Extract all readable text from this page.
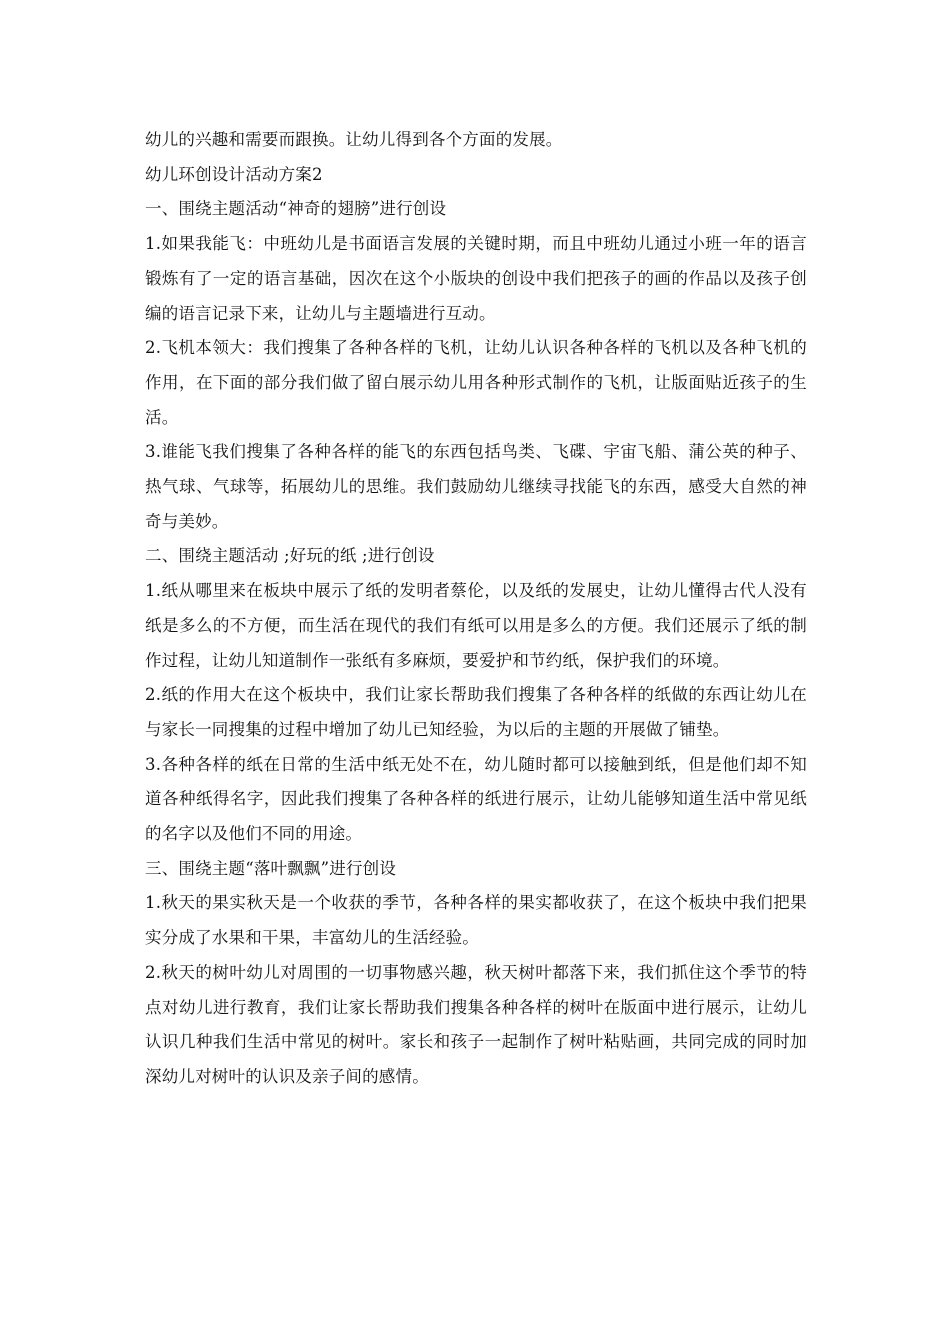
幼儿的兴趣和需要而跟换。让幼儿得到各个方面的发展。

幼儿环创设计活动方案2

一、围绕主题活动“神奇的翅膀”进行创设

1.如果我能飞：中班幼儿是书面语言发展的关键时期，而且中班幼儿通过小班一年的语言锻炼有了一定的语言基础，因次在这个小版块的创设中我们把孩子的画的作品以及孩子创编的语言记录下来，让幼儿与主题墙进行互动。

2.飞机本领大：我们搜集了各种各样的飞机，让幼儿认识各种各样的飞机以及各种飞机的作用，在下面的部分我们做了留白展示幼儿用各种形式制作的飞机，让版面贴近孩子的生活。

3.谁能飞我们搜集了各种各样的能飞的东西包括鸟类、飞碟、宇宙飞船、蒲公英的种子、热气球、气球等，拓展幼儿的思维。我们鼓励幼儿继续寻找能飞的东西，感受大自然的神奇与美妙。

二、围绕主题活动 ;好玩的纸 ;进行创设

1.纸从哪里来在板块中展示了纸的发明者蔡伦，以及纸的发展史，让幼儿懂得古代人没有纸是多么的不方便，而生活在现代的我们有纸可以用是多么的方便。我们还展示了纸的制作过程，让幼儿知道制作一张纸有多麻烦，要爱护和节约纸，保护我们的环境。

2.纸的作用大在这个板块中，我们让家长帮助我们搜集了各种各样的纸做的东西让幼儿在与家长一同搜集的过程中增加了幼儿已知经验，为以后的主题的开展做了铺垫。

3.各种各样的纸在日常的生活中纸无处不在，幼儿随时都可以接触到纸，但是他们却不知道各种纸得名字，因此我们搜集了各种各样的纸进行展示，让幼儿能够知道生活中常见纸的名字以及他们不同的用途。

三、围绕主题“落叶飘飘”进行创设

1.秋天的果实秋天是一个收获的季节，各种各样的果实都收获了，在这个板块中我们把果实分成了水果和干果，丰富幼儿的生活经验。

2.秋天的树叶幼儿对周围的一切事物感兴趣，秋天树叶都落下来，我们抓住这个季节的特点对幼儿进行教育，我们让家长帮助我们搜集各种各样的树叶在版面中进行展示，让幼儿认识几种我们生活中常见的树叶。家长和孩子一起制作了树叶粘贴画，共同完成的同时加深幼儿对树叶的认识及亲子间的感情。
